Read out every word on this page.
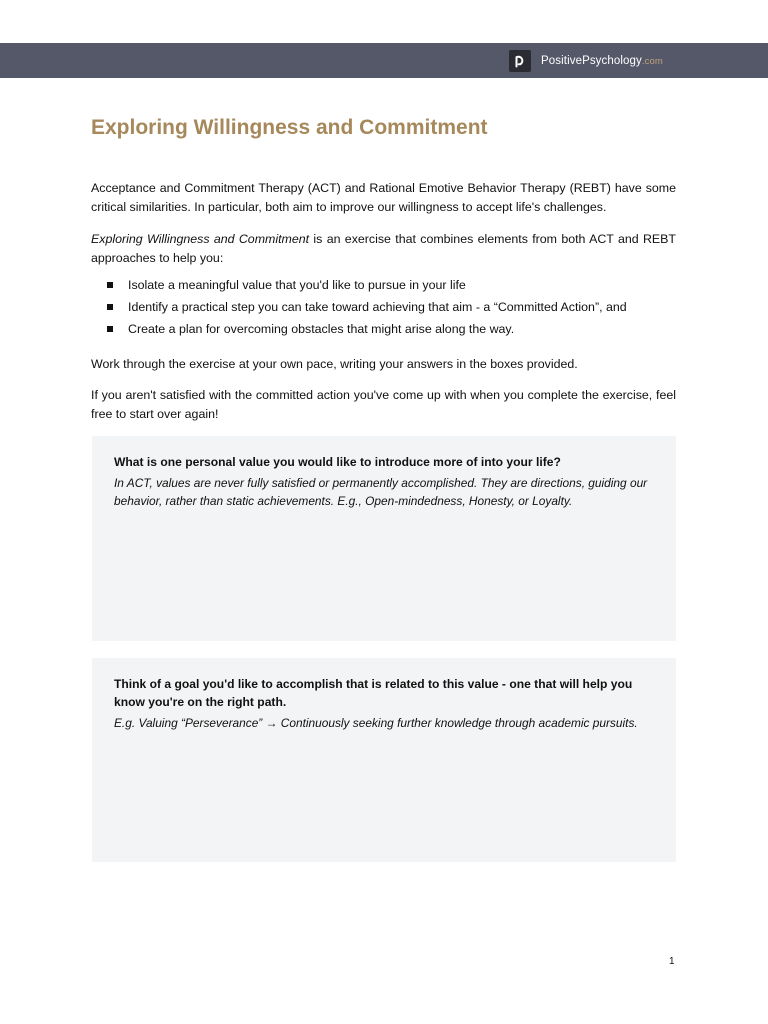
PositivePsychology.com
Exploring Willingness and Commitment

Acceptance and Commitment Therapy (ACT) and Rational Emotive Behavior Therapy (REBT) have some critical similarities. In particular, both aim to improve our willingness to accept life's challenges.

Exploring Willingness and Commitment is an exercise that combines elements from both ACT and REBT approaches to help you:

Isolate a meaningful value that you'd like to pursue in your life
Identify a practical step you can take toward achieving that aim - a “Committed Action”, and
Create a plan for overcoming obstacles that might arise along the way.

Work through the exercise at your own pace, writing your answers in the boxes provided.

If you aren't satisfied with the committed action you've come up with when you complete the exercise, feel free to start over again!

What is one personal value you would like to introduce more of into your life?

In ACT, values are never fully satisfied or permanently accomplished. They are directions, guiding our behavior, rather than static achievements. E.g., Open-mindedness, Honesty, or Loyalty.

Think of a goal you'd like to accomplish that is related to this value - one that will help you know you're on the right path.

E.g. Valuing “Perseverance” → Continuously seeking further knowledge through academic pursuits.

1
